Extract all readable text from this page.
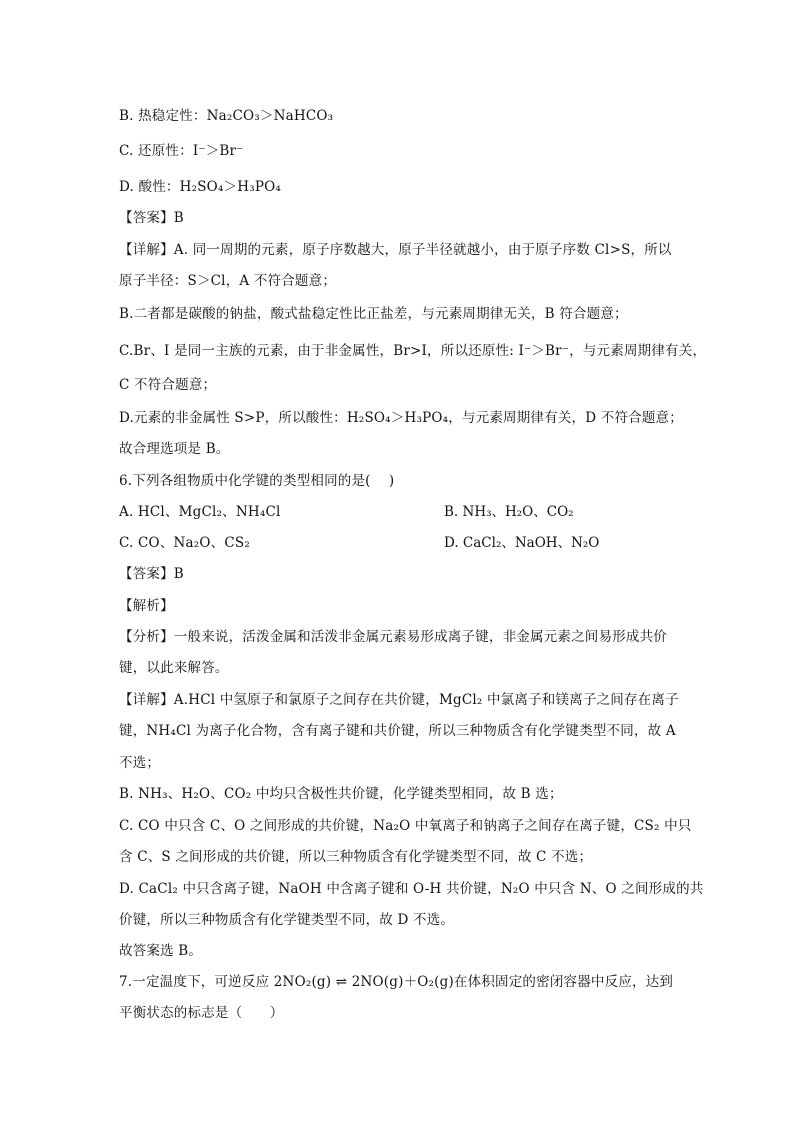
B. 热稳定性：Na₂CO₃＞NaHCO₃
C. 还原性：I⁻＞Br⁻
D. 酸性：H₂SO₄＞H₃PO₄
【答案】B
【详解】A. 同一周期的元素，原子序数越大，原子半径就越小，由于原子序数 Cl>S，所以
原子半径：S＞Cl，A 不符合题意；
B.二者都是碳酸的钠盐，酸式盐稳定性比正盐差，与元素周期律无关，B 符合题意；
C.Br、I 是同一主族的元素，由于非金属性，Br>I，所以还原性: I⁻＞Br⁻，与元素周期律有关，
C 不符合题意；
D.元素的非金属性 S>P，所以酸性：H₂SO₄＞H₃PO₄，与元素周期律有关，D 不符合题意；
故合理选项是 B。
6.下列各组物质中化学键的类型相同的是(　 )
A. HCl、MgCl₂、NH₄Cl	B. NH₃、H₂O、CO₂
C. CO、Na₂O、CS₂	D. CaCl₂、NaOH、N₂O
【答案】B
【解析】
【分析】一般来说，活泼金属和活泼非金属元素易形成离子键，非金属元素之间易形成共价
键，以此来解答。
【详解】A.HCl 中氢原子和氯原子之间存在共价键，MgCl₂ 中氯离子和镁离子之间存在离子
键，NH₄Cl 为离子化合物，含有离子键和共价键，所以三种物质含有化学键类型不同，故 A
不选；
B. NH₃、H₂O、CO₂ 中均只含极性共价键，化学键类型相同，故 B 选；
C. CO 中只含 C、O 之间形成的共价键，Na₂O 中氧离子和钠离子之间存在离子键，CS₂ 中只
含 C、S 之间形成的共价键，所以三种物质含有化学键类型不同，故 C 不选；
D. CaCl₂ 中只含离子键，NaOH 中含离子键和 O-H 共价键，N₂O 中只含 N、O 之间形成的共
价键，所以三种物质含有化学键类型不同，故 D 不选。
故答案选 B。
7.一定温度下，可逆反应 2NO₂(g) ⇌ 2NO(g)＋O₂(g)在体积固定的密闭容器中反应，达到
平衡状态的标志是（　　）
